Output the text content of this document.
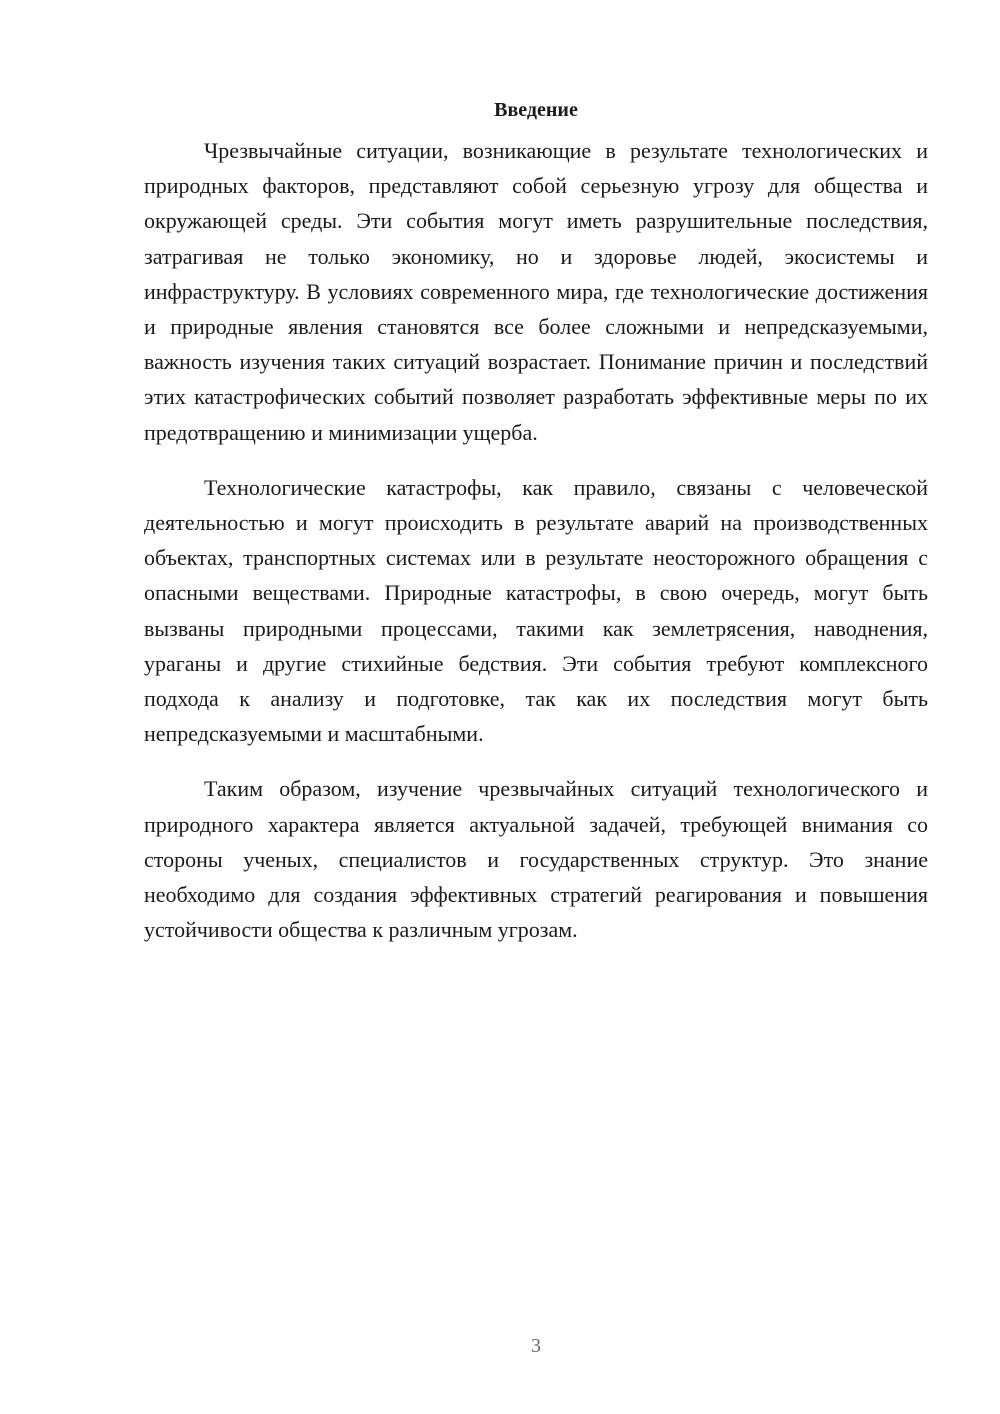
Введение

Чрезвычайные ситуации, возникающие в результате технологических и природных факторов, представляют собой серьезную угрозу для общества и окружающей среды. Эти события могут иметь разрушительные последствия, затрагивая не только экономику, но и здоровье людей, экосистемы и инфраструктуру. В условиях современного мира, где технологические достижения и природные явления становятся все более сложными и непредсказуемыми, важность изучения таких ситуаций возрастает. Понимание причин и последствий этих катастрофических событий позволяет разработать эффективные меры по их предотвращению и минимизации ущерба.

Технологические катастрофы, как правило, связаны с человеческой деятельностью и могут происходить в результате аварий на производственных объектах, транспортных системах или в результате неосторожного обращения с опасными веществами. Природные катастрофы, в свою очередь, могут быть вызваны природными процессами, такими как землетрясения, наводнения, ураганы и другие стихийные бедствия. Эти события требуют комплексного подхода к анализу и подготовке, так как их последствия могут быть непредсказуемыми и масштабными.

Таким образом, изучение чрезвычайных ситуаций технологического и природного характера является актуальной задачей, требующей внимания со стороны ученых, специалистов и государственных структур. Это знание необходимо для создания эффективных стратегий реагирования и повышения устойчивости общества к различным угрозам.

3
